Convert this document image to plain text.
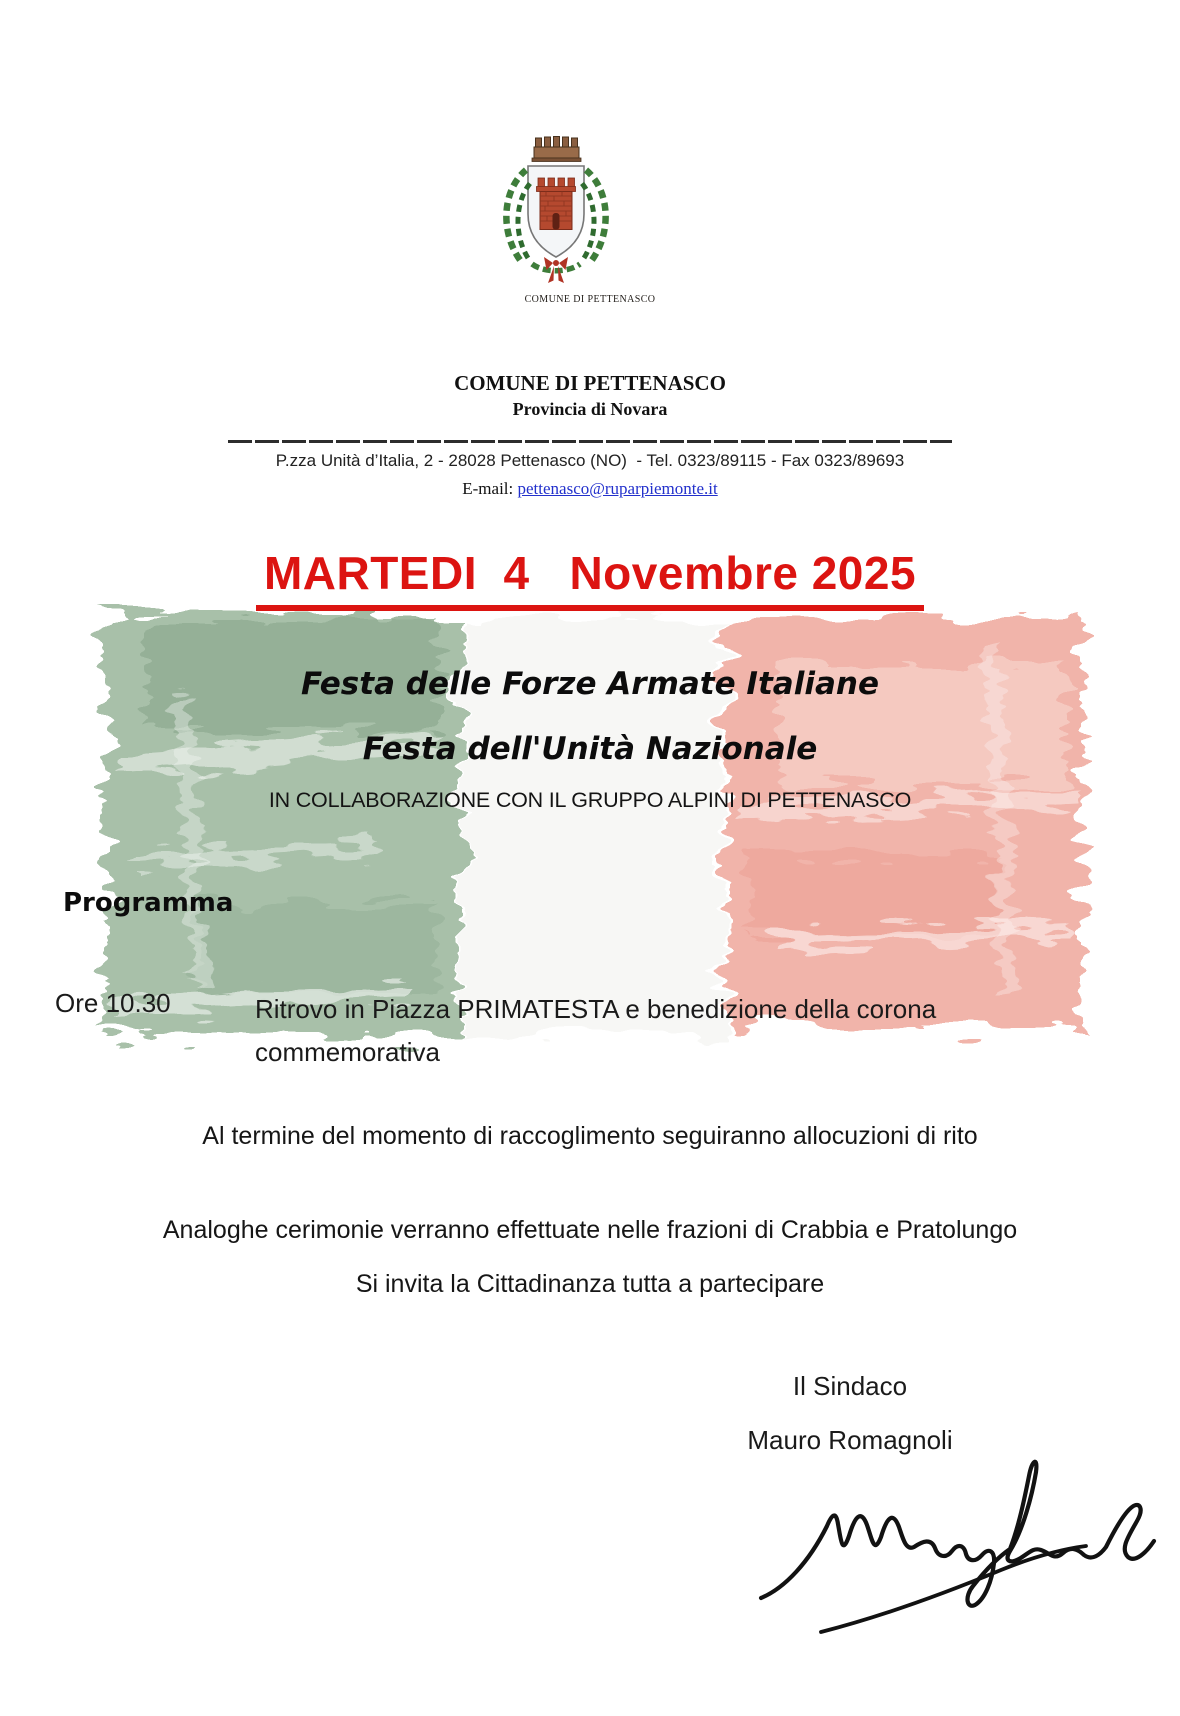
COMUNE DI PETTENASCO
COMUNE DI PETTENASCO
Provincia di Novara
P.zza Unità d’Italia, 2 - 28028 Pettenasco (NO)  - Tel. 0323/89115 - Fax 0323/89693
E-mail: pettenasco@ruparpiemonte.it
MARTEDI  4   Novembre 2025
Festa delle Forze Armate Italiane
Festa dell'Unità Nazionale
IN COLLABORAZIONE CON IL GRUPPO ALPINI DI PETTENASCO
Programma
Ore 10.30	Ritrovo in Piazza PRIMATESTA e benedizione della corona commemorativa
Al termine del momento di raccoglimento seguiranno allocuzioni di rito
Analoghe cerimonie verranno effettuate nelle frazioni di Crabbia e Pratolungo
Si invita la Cittadinanza tutta a partecipare
Il Sindaco
Mauro Romagnoli
